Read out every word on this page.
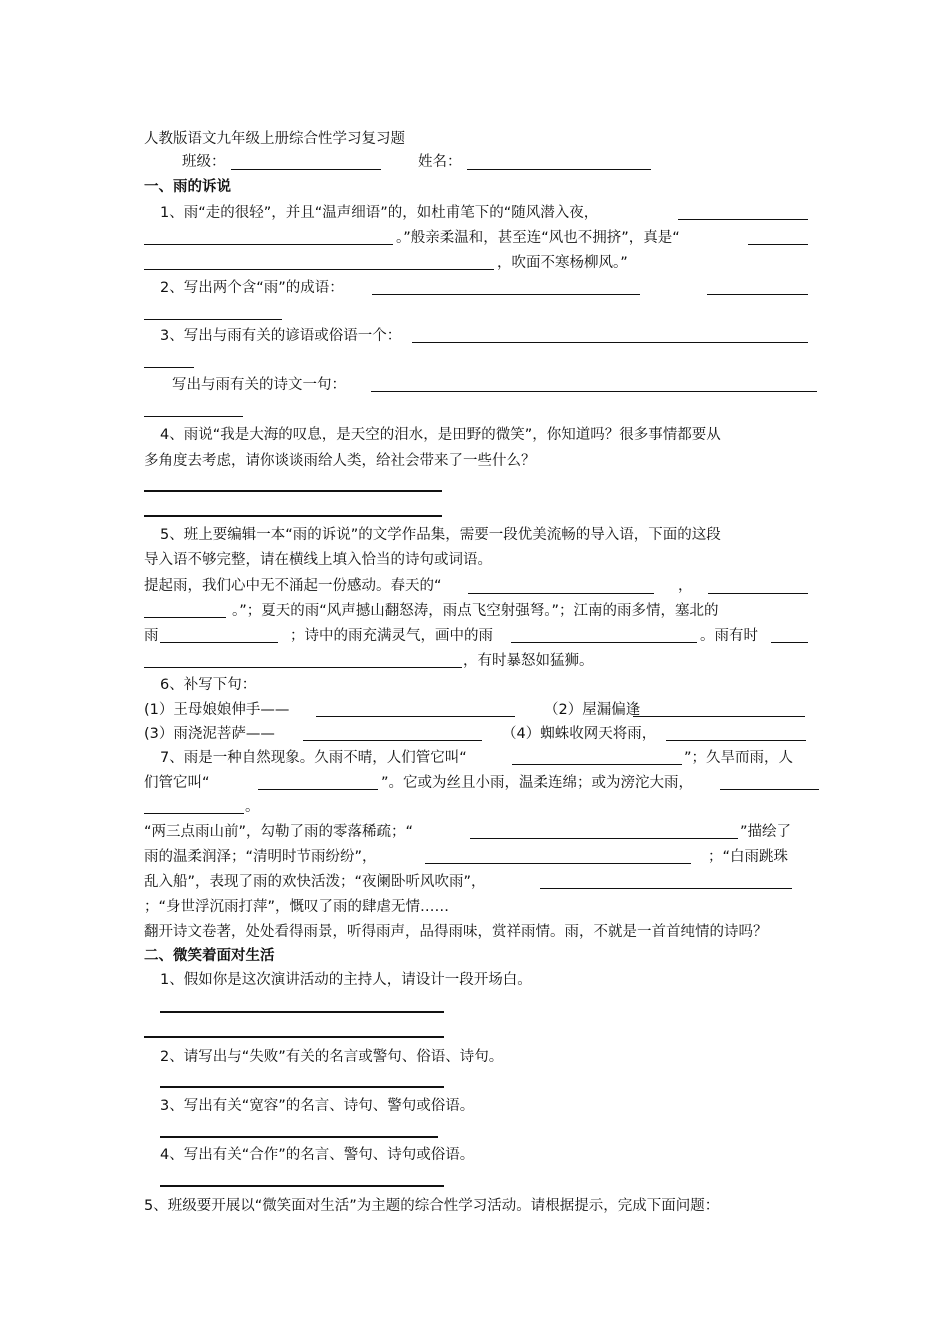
人教版语文九年级上册综合性学习复习题
班级：	姓名：
一、雨的诉说
1、雨“走的很轻”，并且“温声细语”的，如杜甫笔下的“随风潜入夜，
。”般亲柔温和，甚至连“风也不拥挤”，真是“
，吹面不寒杨柳风。”
2、写出两个含“雨”的成语：
3、写出与雨有关的谚语或俗语一个：
写出与雨有关的诗文一句：
4、雨说“我是大海的叹息，是天空的泪水，是田野的微笑”，你知道吗？很多事情都要从
多角度去考虑，请你谈谈雨给人类，给社会带来了一些什么？
5、班上要编辑一本“雨的诉说”的文学作品集，需要一段优美流畅的导入语，下面的这段
导入语不够完整，请在横线上填入恰当的诗句或词语。
提起雨，我们心中无不涌起一份感动。春天的“	，
。”；夏天的雨“风声撼山翻怒涛，雨点飞空射强弩。”；江南的雨多情，塞北的
雨	；诗中的雨充满灵气，画中的雨	。雨有时
，有时暴怒如猛狮。
6、补写下句：
(1）王母娘娘伸手——	（2）屋漏偏逢
(3）雨浇泥菩萨——	（4）蜘蛛收网天将雨，
7、雨是一种自然现象。久雨不晴，人们管它叫“	”；久旱而雨，人
们管它叫“	”。它或为丝且小雨，温柔连绵；或为滂沱大雨，
。
“两三点雨山前”，勾勒了雨的零落稀疏；“	”描绘了
雨的温柔润泽；“清明时节雨纷纷”，	；“白雨跳珠
乱入船”，表现了雨的欢快活泼；“夜阑卧听风吹雨”，
；“身世浮沉雨打萍”，慨叹了雨的肆虐无情……
翻开诗文卷著，处处看得雨景，听得雨声，品得雨味，赏祥雨情。雨，不就是一首首纯情的诗吗？
二、微笑着面对生活
1、假如你是这次演讲活动的主持人，请设计一段开场白。
2、请写出与“失败”有关的名言或警句、俗语、诗句。
3、写出有关“宽容”的名言、诗句、警句或俗语。
4、写出有关“合作”的名言、警句、诗句或俗语。
5、班级要开展以“微笑面对生活”为主题的综合性学习活动。请根据提示，完成下面问题：
